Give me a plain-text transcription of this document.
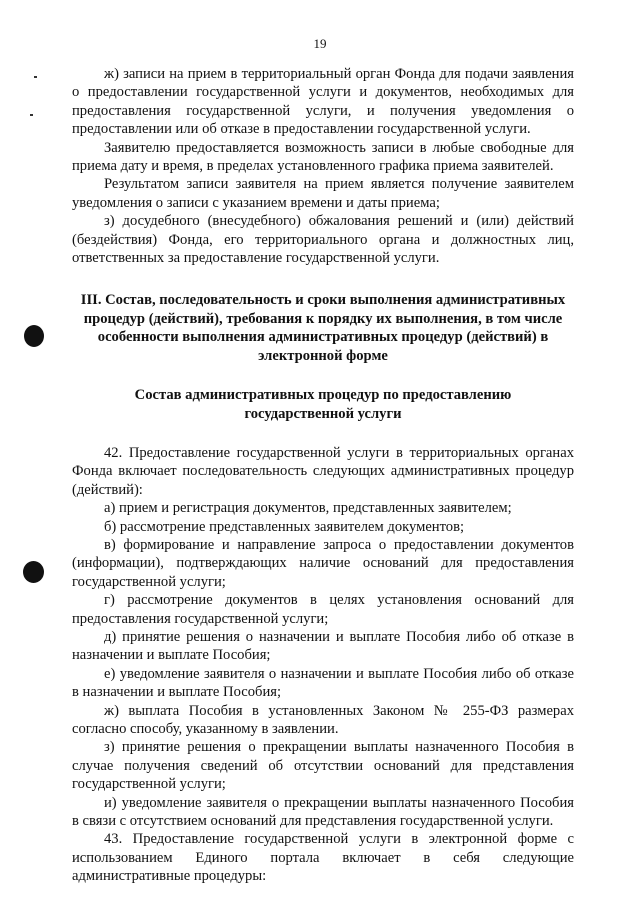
19

ж) записи на прием в территориальный орган Фонда для подачи заявления о предоставлении государственной услуги и документов, необходимых для предоставления государственной услуги, и получения уведомления о предоставлении или об отказе в предоставлении государственной услуги.

Заявителю предоставляется возможность записи в любые свободные для приема дату и время, в пределах установленного графика приема заявителей.

Результатом записи заявителя на прием является получение заявителем уведомления о записи с указанием времени и даты приема;

з) досудебного (внесудебного) обжалования решений и (или) действий (бездействия) Фонда, его территориального органа и должностных лиц, ответственных за предоставление государственной услуги.

III. Состав, последовательность и сроки выполнения административных процедур (действий), требования к порядку их выполнения, в том числе особенности выполнения административных процедур (действий) в электронной форме

Состав административных процедур по предоставлению государственной услуги

42. Предоставление государственной услуги в территориальных органах Фонда включает последовательность следующих административных процедур (действий):

а) прием и регистрация документов, представленных заявителем;

б) рассмотрение представленных заявителем документов;

в) формирование и направление запроса о предоставлении документов (информации), подтверждающих наличие оснований для предоставления государственной услуги;

г) рассмотрение документов в целях установления оснований для предоставления государственной услуги;

д) принятие решения о назначении и выплате Пособия либо об отказе в назначении и выплате Пособия;

е) уведомление заявителя о назначении и выплате Пособия либо об отказе в назначении и выплате Пособия;

ж) выплата Пособия в установленных Законом № 255-ФЗ размерах согласно способу, указанному в заявлении.

з) принятие решения о прекращении выплаты назначенного Пособия в случае получения сведений об отсутствии оснований для представления государственной услуги;

и) уведомление заявителя о прекращении выплаты назначенного Пособия в связи с отсутствием оснований для представления государственной услуги.

43. Предоставление государственной услуги в электронной форме с использованием Единого портала включает в себя следующие административные процедуры:
